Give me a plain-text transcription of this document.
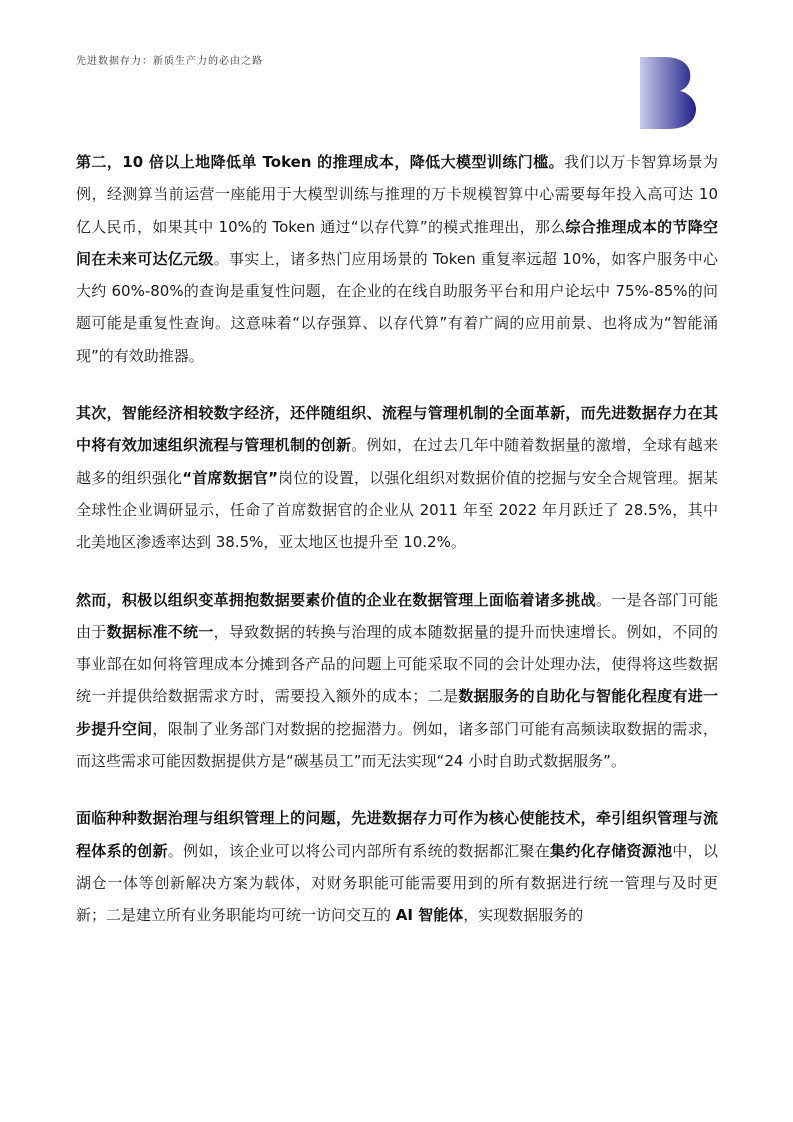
先进数据存力：新质生产力的必由之路

第二，10 倍以上地降低单 Token 的推理成本，降低大模型训练门槛。我们以万卡智算场景为例，经测算当前运营一座能用于大模型训练与推理的万卡规模智算中心需要每年投入高可达 10 亿人民币，如果其中 10%的 Token 通过“以存代算”的模式推理出，那么综合推理成本的节降空间在未来可达亿元级。事实上，诸多热门应用场景的 Token 重复率远超 10%，如客户服务中心大约 60%-80%的查询是重复性问题，在企业的在线自助服务平台和用户论坛中 75%-85%的问题可能是重复性查询。这意味着“以存强算、以存代算”有着广阔的应用前景、也将成为“智能涌现”的有效助推器。

其次，智能经济相较数字经济，还伴随组织、流程与管理机制的全面革新，而先进数据存力在其中将有效加速组织流程与管理机制的创新。例如，在过去几年中随着数据量的激增，全球有越来越多的组织强化“首席数据官”岗位的设置，以强化组织对数据价值的挖掘与安全合规管理。据某全球性企业调研显示，任命了首席数据官的企业从 2011 年至 2022 年月跃迁了 28.5%，其中北美地区渗透率达到 38.5%，亚太地区也提升至 10.2%。

然而，积极以组织变革拥抱数据要素价值的企业在数据管理上面临着诸多挑战。一是各部门可能由于数据标准不统一，导致数据的转换与治理的成本随数据量的提升而快速增长。例如，不同的事业部在如何将管理成本分摊到各产品的问题上可能采取不同的会计处理办法，使得将这些数据统一并提供给数据需求方时，需要投入额外的成本；二是数据服务的自助化与智能化程度有进一步提升空间，限制了业务部门对数据的挖掘潜力。例如，诸多部门可能有高频读取数据的需求，而这些需求可能因数据提供方是“碳基员工”而无法实现“24 小时自助式数据服务”。

面临种种数据治理与组织管理上的问题，先进数据存力可作为核心使能技术，牵引组织管理与流程体系的创新。例如，该企业可以将公司内部所有系统的数据都汇聚在集约化存储资源池中，以湖仓一体等创新解决方案为载体，对财务职能可能需要用到的所有数据进行统一管理与及时更新；二是建立所有业务职能均可统一访问交互的 AI 智能体，实现数据服务的
